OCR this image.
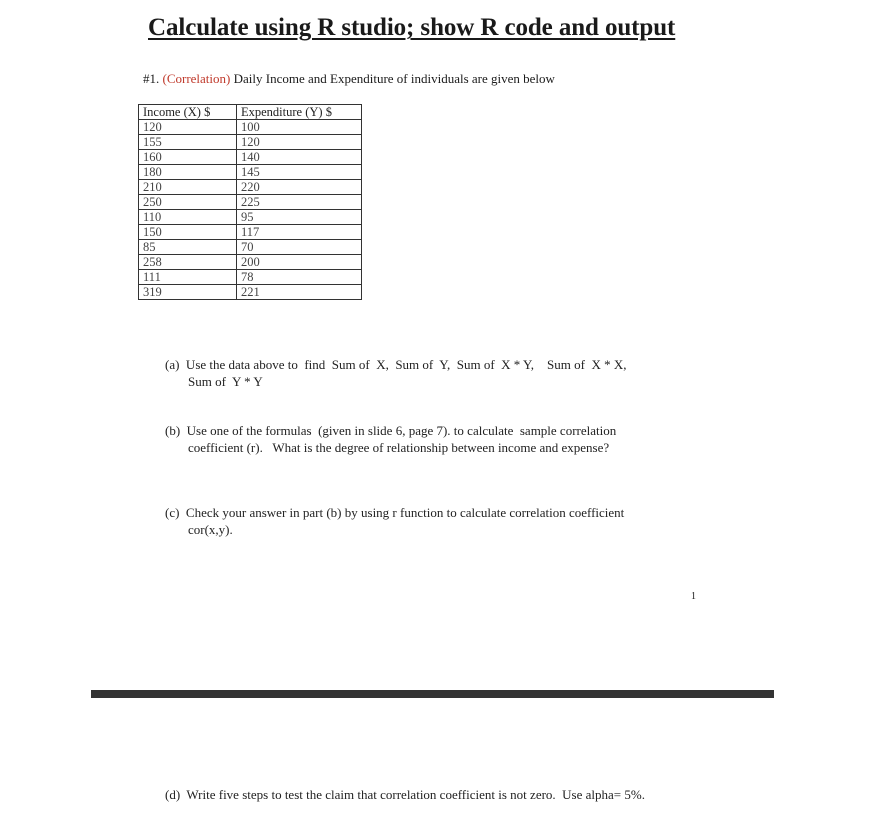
Calculate using R studio; show R code and output
#1. (Correlation) Daily Income and Expenditure of individuals are given below
Income (X) $	Expenditure (Y) $
120	100
155	120
160	140
180	145
210	220
250	225
110	95
150	117
85	70
258	200
111	78
319	221
(a)  Use the data above to  find  Sum of  X,  Sum of  Y,  Sum of  X * Y,    Sum of  X * X,
Sum of  Y * Y
(b)  Use one of the formulas  (given in slide 6, page 7). to calculate  sample correlation
coefficient (r).   What is the degree of relationship between income and expense?
(c)  Check your answer in part (b) by using r function to calculate correlation coefficient
cor(x,y).
1
(d)  Write five steps to test the claim that correlation coefficient is not zero.  Use alpha= 5%.
